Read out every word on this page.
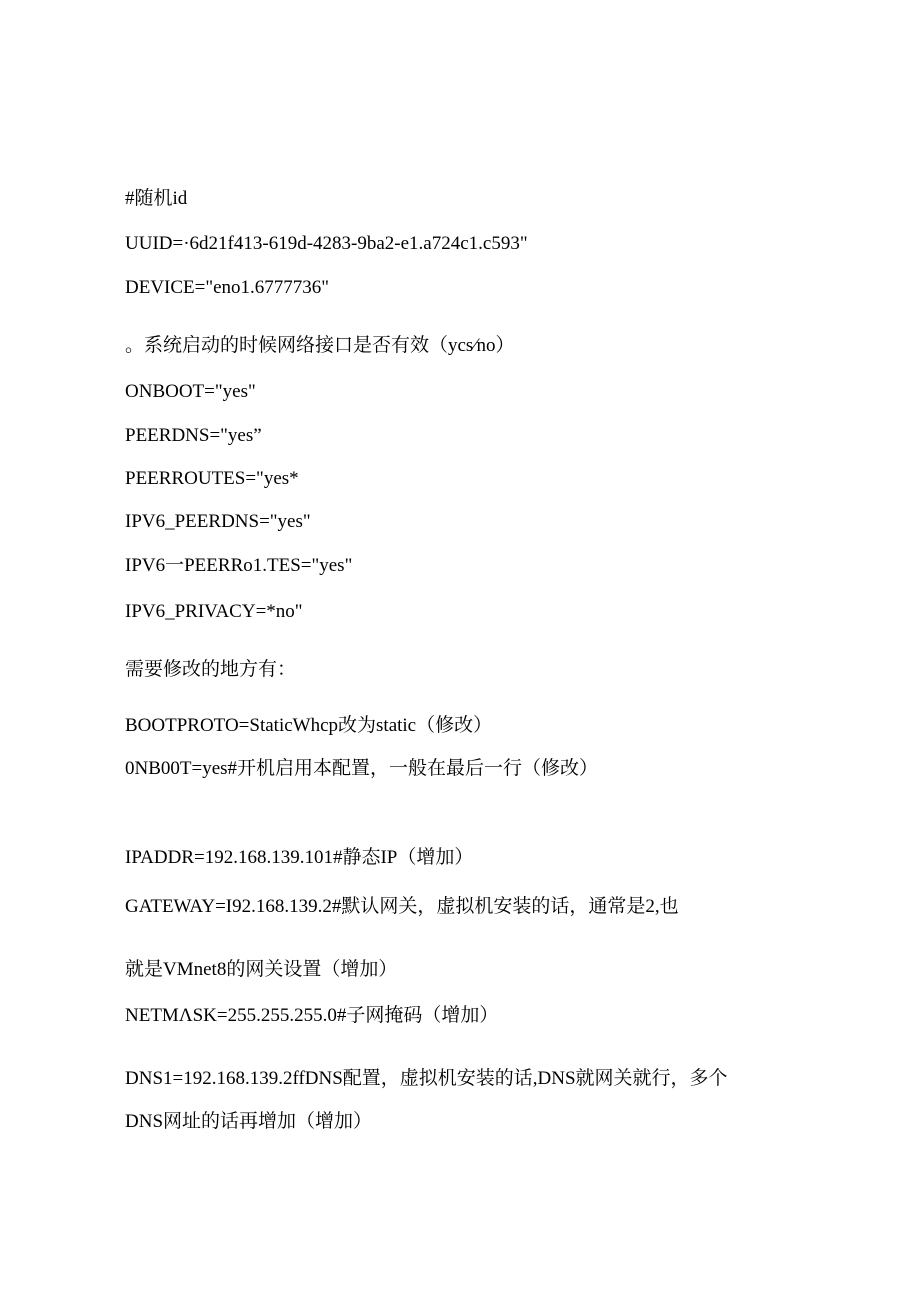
#随机id
UUID=·6d21f413-619d-4283-9ba2-e1.a724c1.c593"
DEVICE="eno1.6777736"
。系统启动的时候网络接口是否有效（ycs⁄no）
ONBOOT="yes"
PEERDNS="yes”
PEERROUTES="yes*
IPV6_PEERDNS="yes"
IPV6一PEERRo1.TES="yes"
IPV6_PRIVACY=*no"
需要修改的地方有：
BOOTPROTO=StaticWhcp改为static（修改）
0NB00T=yes#开机启用本配置，一般在最后一行（修改）
IPADDR=192.168.139.101#静态IP（增加）
GATEWAY=I92.168.139.2#默认网关，虚拟机安装的话，通常是2,也
就是VMnet8的网关设置（增加）
NETMΛSK=255.255.255.0#子网掩码（增加）
DNS1=192.168.139.2ffDNS配置，虚拟机安装的话,DNS就网关就行，多个
DNS网址的话再增加（增加）
